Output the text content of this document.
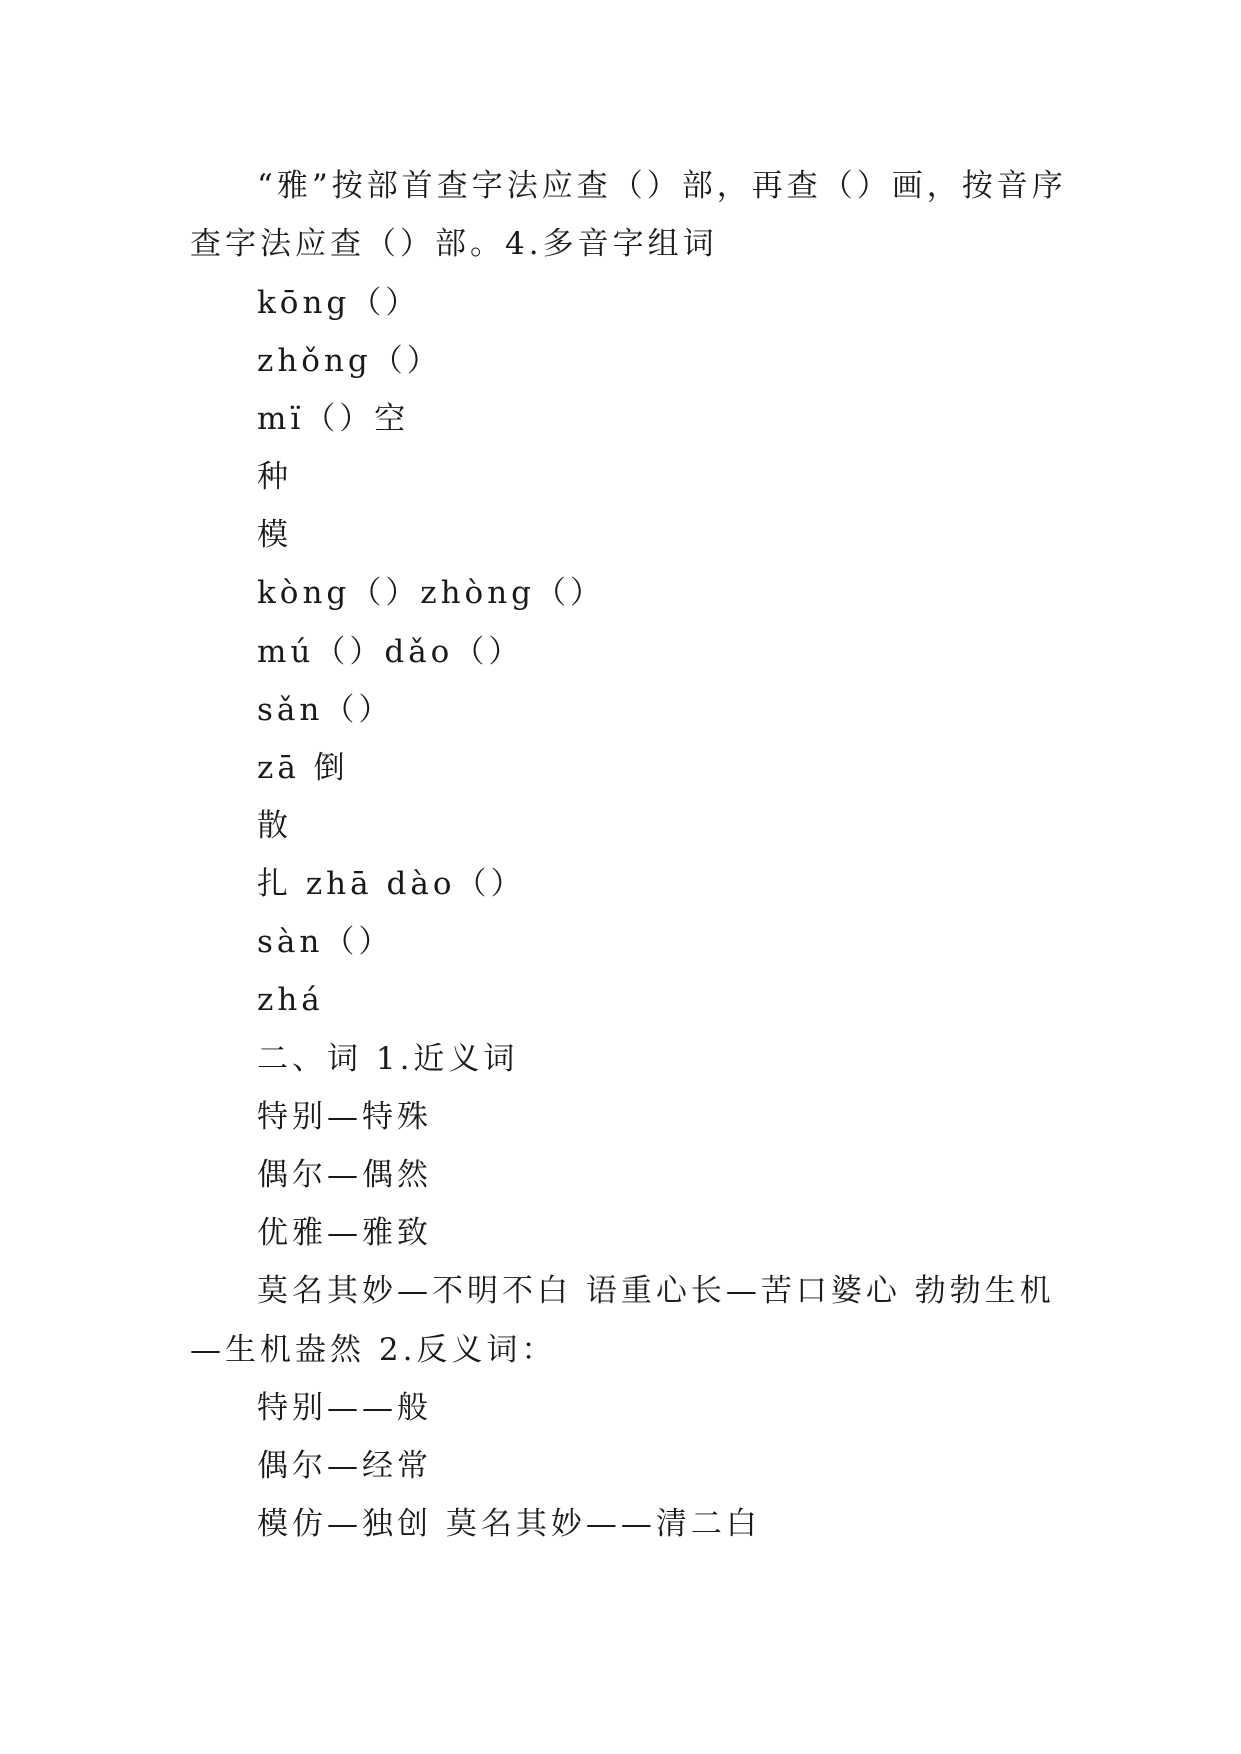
“雅”按部首查字法应查（）部，再查（）画，按音序
查字法应查（）部。4.多音字组词
kōng（）
zhǒng（）
mï（）空
种
模
kòng（）zhòng（）
mú（）dǎo（）
sǎn（）
zā 倒
散
扎 zhā dào（）
sàn（）
zhá
二、词 1.近义词
特别—特殊
偶尔—偶然
优雅—雅致
莫名其妙—不明不白 语重心长—苦口婆心 勃勃生机
—生机盎然 2.反义词：
特别——般
偶尔—经常
模仿—独创 莫名其妙——清二白
